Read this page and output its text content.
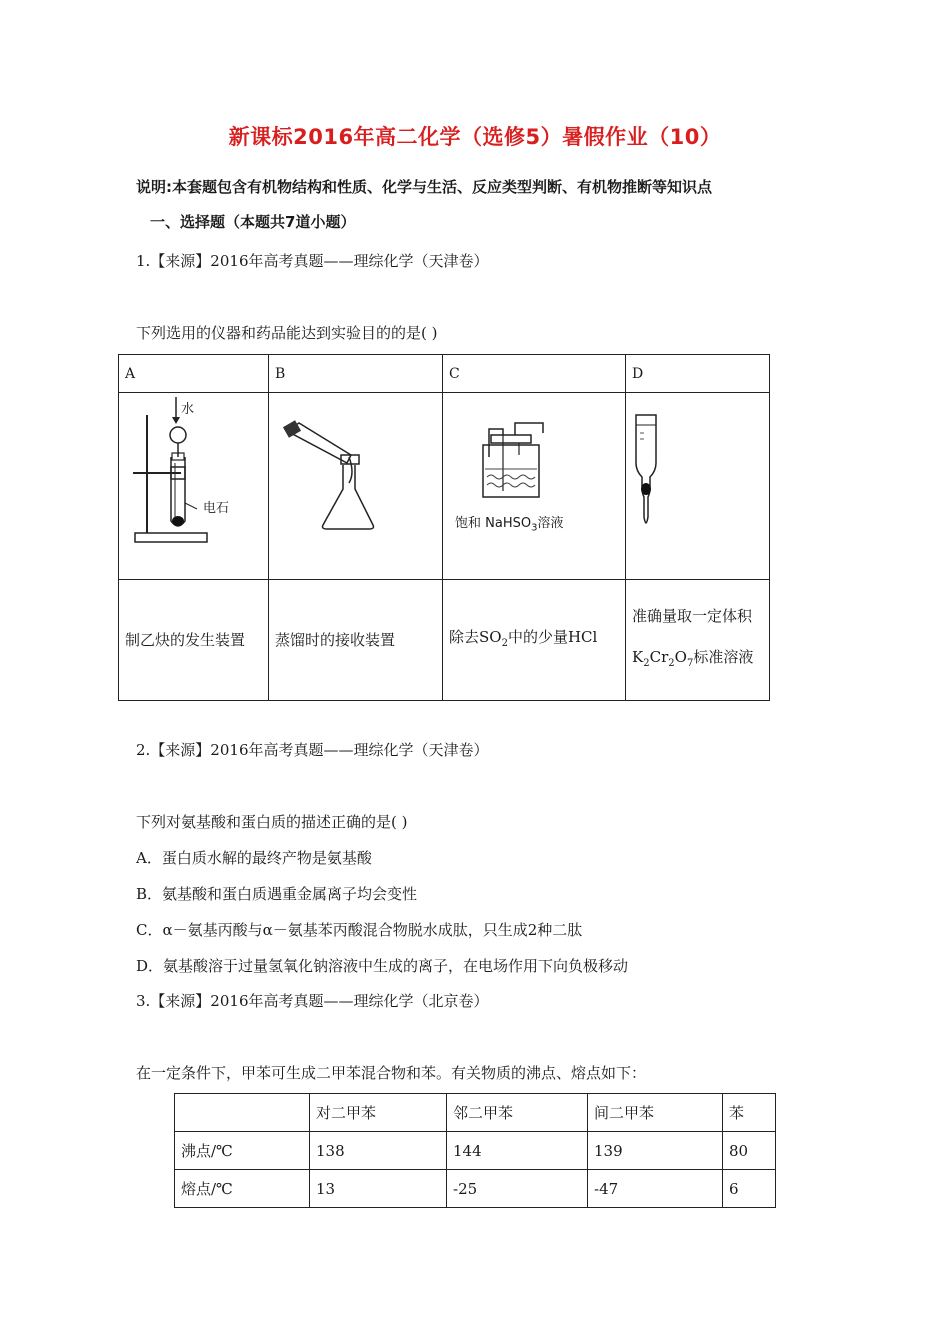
新课标2016年高二化学（选修5）暑假作业（10）
说明:本套题包含有机物结构和性质、化学与生活、反应类型判断、有机物推断等知识点
一、选择题（本题共7道小题）
1.【来源】2016年高考真题——理综化学（天津卷）
下列选用的仪器和药品能达到实验目的的是( )
A	B	C	D

水
电石		饱和 NaHSO$_3$溶液

制乙炔的发生装置	蒸馏时的接收装置	除去$SO_2$中的少量HCl	准确量取一定体积$K_2Cr_2O_7$标准溶液
2.【来源】2016年高考真题——理综化学（天津卷）
下列对氨基酸和蛋白质的描述正确的是( )
A．蛋白质水解的最终产物是氨基酸
B．氨基酸和蛋白质遇重金属离子均会变性
C．α－氨基丙酸与α－氨基苯丙酸混合物脱水成肽，只生成2种二肽
D．氨基酸溶于过量氢氧化钠溶液中生成的离子，在电场作用下向负极移动
3.【来源】2016年高考真题——理综化学（北京卷）
在一定条件下，甲苯可生成二甲苯混合物和苯。有关物质的沸点、熔点如下：
	对二甲苯	邻二甲苯	间二甲苯	苯
沸点/℃	138	144	139	80
熔点/℃	13	-25	-47	6
